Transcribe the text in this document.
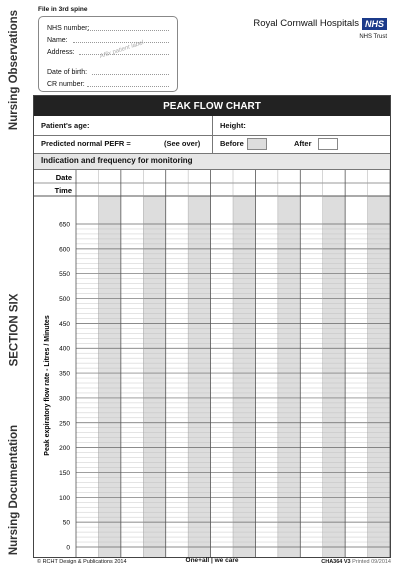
Nursing Observations
SECTION SIX
Nursing Documentation
File in 3rd spine
NHS number:
Name:
Address:
Date of birth:
CR number:
Affix patient label
Royal Cornwall Hospitals NHS
NHS Trust
PEAK FLOW CHART
Patient's age:	Height:
Predicted normal PEFR =	(See over)	Before	After
Indication and frequency for monitoring
Date
Time
650
600
550
500
450
400
350
300
250
200
150
100
50
0
Peak expiratory flow rate - Litres / Minutes
© RCHT Design & Publications 2014	One+all | we care	CHA364 V3 Printed 09/2014
